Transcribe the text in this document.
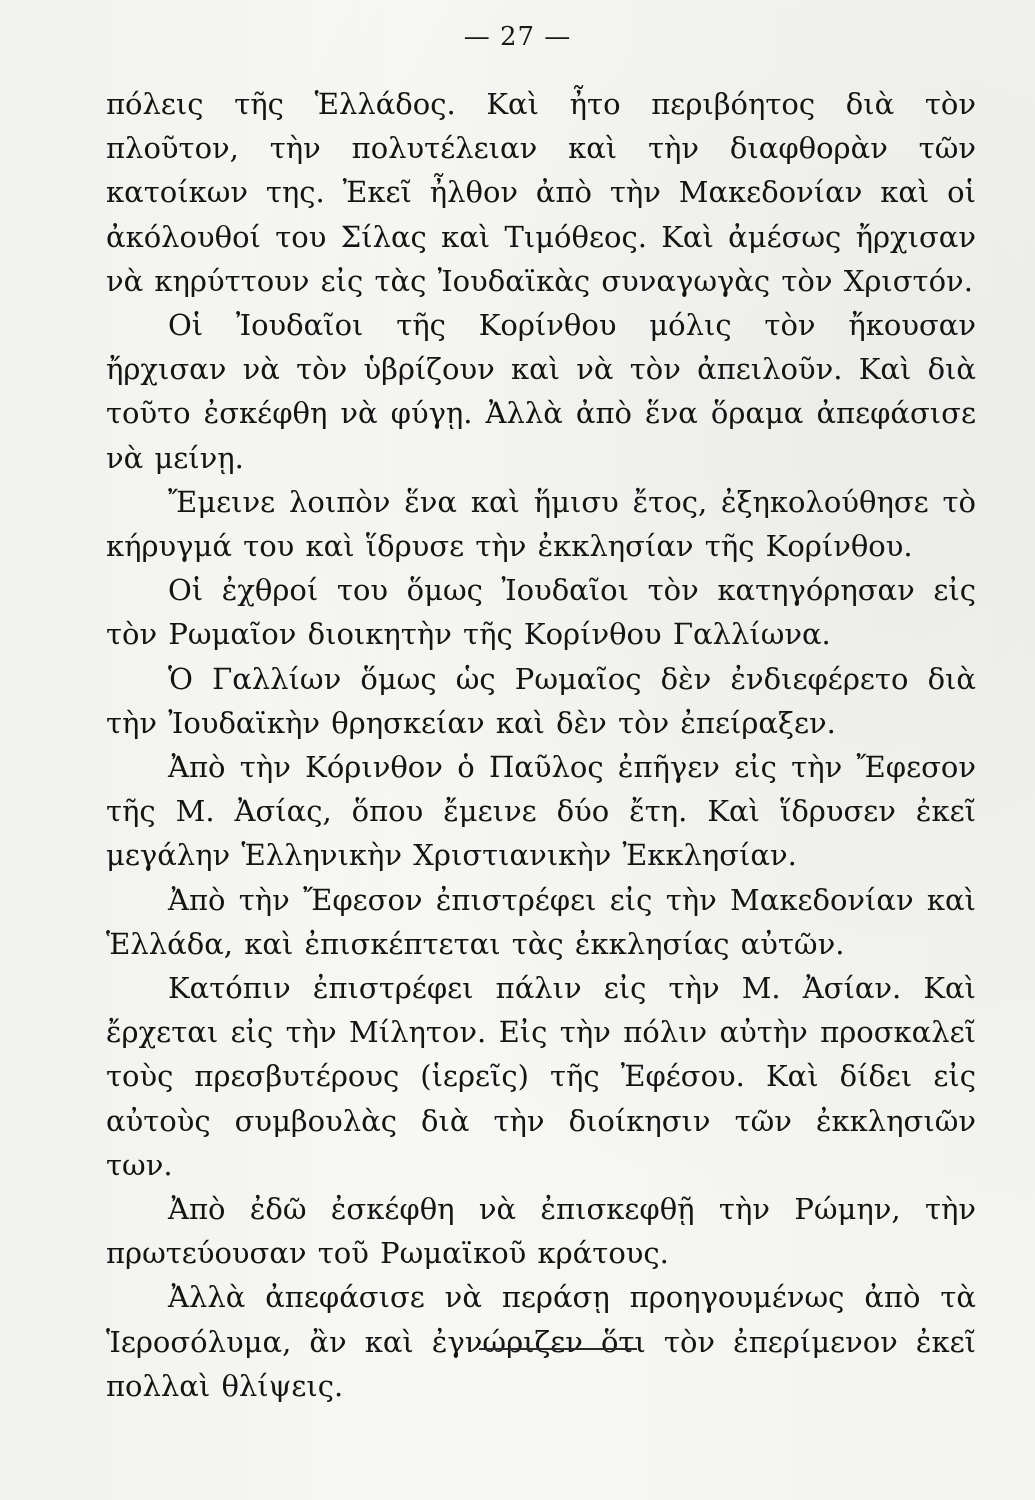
— 27 —

πόλεις τῆς Ἑλλάδος. Καὶ ἦτο περιβόητος διὰ τὸν πλοῦτον, τὴν πολυτέλειαν καὶ τὴν διαφθορὰν τῶν κατοίκων της. Ἐκεῖ ἦλθον ἀπὸ τὴν Μακεδονίαν καὶ οἱ ἀκόλουθοί του Σίλας καὶ Τιμόθεος. Καὶ ἀμέσως ἤρχισαν νὰ κηρύττουν εἰς τὰς Ἰουδαϊκὰς συναγωγὰς τὸν Χριστόν.

Οἱ Ἰουδαῖοι τῆς Κορίνθου μόλις τὸν ἤκουσαν ἤρχισαν νὰ τὸν ὑβρίζουν καὶ νὰ τὸν ἀπειλοῦν. Καὶ διὰ τοῦτο ἐσκέφθη νὰ φύγῃ. Ἀλλὰ ἀπὸ ἕνα ὅραμα ἀπεφάσισε νὰ μείνῃ.

Ἔμεινε λοιπὸν ἕνα καὶ ἥμισυ ἔτος, ἐξηκολούθησε τὸ κήρυγμά του καὶ ἵδρυσε τὴν ἐκκλησίαν τῆς Κορίνθου.

Οἱ ἐχθροί του ὅμως Ἰουδαῖοι τὸν κατηγόρησαν εἰς τὸν Ρωμαῖον διοικητὴν τῆς Κορίνθου Γαλλίωνα.

Ὁ Γαλλίων ὅμως ὡς Ρωμαῖος δὲν ἐνδιεφέρετο διὰ τὴν Ἰουδαϊκὴν θρησκείαν καὶ δὲν τὸν ἐπείραξεν.

Ἀπὸ τὴν Κόρινθον ὁ Παῦλος ἐπῆγεν εἰς τὴν Ἔφεσον τῆς Μ. Ἀσίας, ὅπου ἔμεινε δύο ἔτη. Καὶ ἵδρυσεν ἐκεῖ μεγάλην Ἑλληνικὴν Χριστιανικὴν Ἐκκλησίαν.

Ἀπὸ τὴν Ἔφεσον ἐπιστρέφει εἰς τὴν Μακεδονίαν καὶ Ἑλλάδα, καὶ ἐπισκέπτεται τὰς ἐκκλησίας αὐτῶν.

Κατόπιν ἐπιστρέφει πάλιν εἰς τὴν Μ. Ἀσίαν. Καὶ ἔρχεται εἰς τὴν Μίλητον. Εἰς τὴν πόλιν αὐτὴν προσκαλεῖ τοὺς πρεσβυτέρους (ἱερεῖς) τῆς Ἐφέσου. Καὶ δίδει εἰς αὐτοὺς συμβουλὰς διὰ τὴν διοίκησιν τῶν ἐκκλησιῶν των.

Ἀπὸ ἐδῶ ἐσκέφθη νὰ ἐπισκεφθῇ τὴν Ρώμην, τὴν πρωτεύουσαν τοῦ Ρωμαϊκοῦ κράτους.

Ἀλλὰ ἀπεφάσισε νὰ περάσῃ προηγουμένως ἀπὸ τὰ Ἱεροσόλυμα, ἂν καὶ ἐγνώριζεν ὅτι τὸν ἐπερίμενον ἐκεῖ πολλαὶ θλίψεις.
